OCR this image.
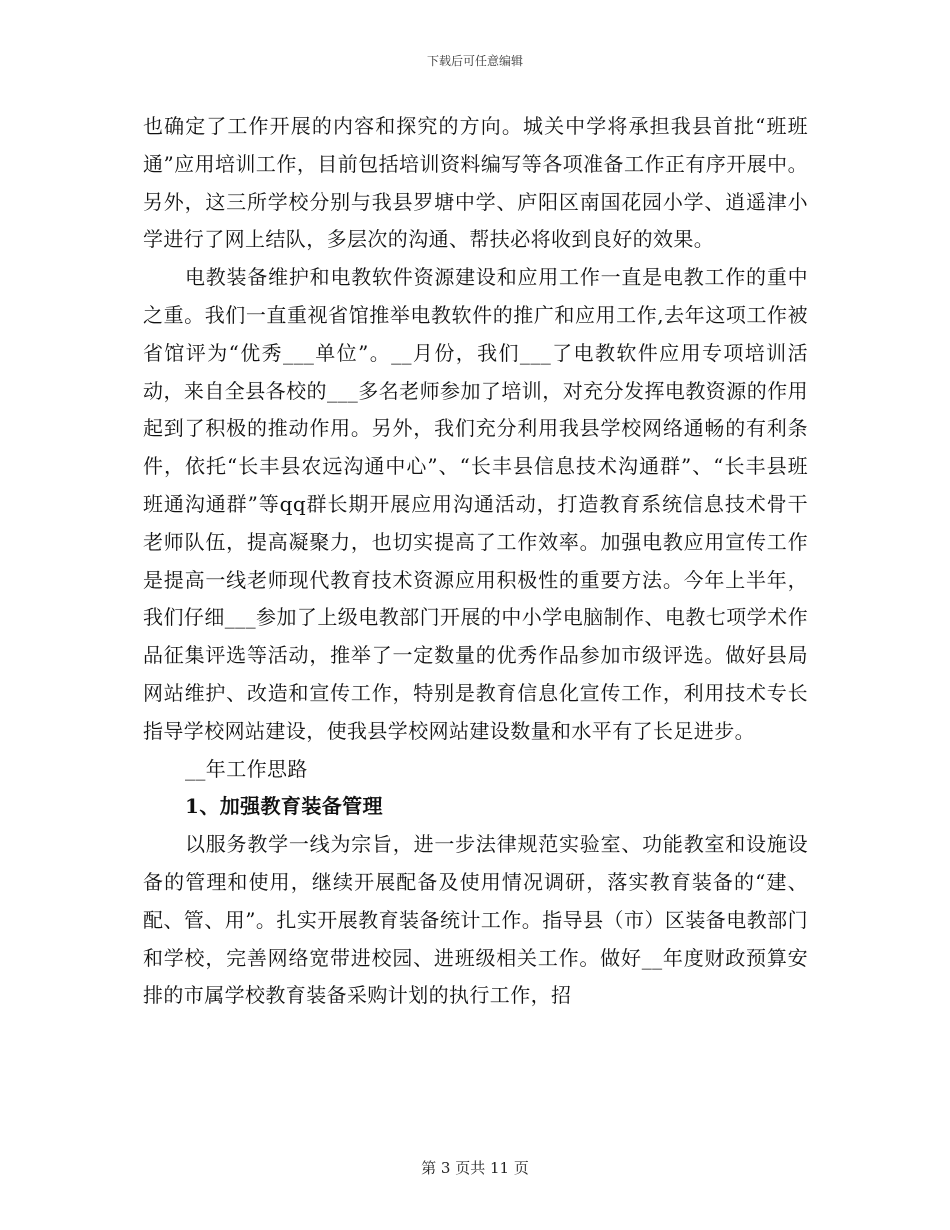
下载后可任意编辑

也确定了工作开展的内容和探究的方向。城关中学将承担我县首批“班班通”应用培训工作，目前包括培训资料编写等各项准备工作正有序开展中。另外，这三所学校分别与我县罗塘中学、庐阳区南国花园小学、逍遥津小学进行了网上结队，多层次的沟通、帮扶必将收到良好的效果。

电教装备维护和电教软件资源建设和应用工作一直是电教工作的重中之重。我们一直重视省馆推举电教软件的推广和应用工作,去年这项工作被省馆评为“优秀___单位”。__月份，我们___了电教软件应用专项培训活动，来自全县各校的___多名老师参加了培训，对充分发挥电教资源的作用起到了积极的推动作用。另外，我们充分利用我县学校网络通畅的有利条件，依托“长丰县农远沟通中心”、“长丰县信息技术沟通群”、“长丰县班班通沟通群”等qq群长期开展应用沟通活动，打造教育系统信息技术骨干老师队伍，提高凝聚力，也切实提高了工作效率。加强电教应用宣传工作是提高一线老师现代教育技术资源应用积极性的重要方法。今年上半年，我们仔细___参加了上级电教部门开展的中小学电脑制作、电教七项学术作品征集评选等活动，推举了一定数量的优秀作品参加市级评选。做好县局网站维护、改造和宣传工作，特别是教育信息化宣传工作，利用技术专长指导学校网站建设，使我县学校网站建设数量和水平有了长足进步。

__年工作思路

1、加强教育装备管理

以服务教学一线为宗旨，进一步法律规范实验室、功能教室和设施设备的管理和使用，继续开展配备及使用情况调研，落实教育装备的“建、配、管、用”。扎实开展教育装备统计工作。指导县（市）区装备电教部门和学校，完善网络宽带进校园、进班级相关工作。做好__年度财政预算安排的市属学校教育装备采购计划的执行工作，招

第 3 页共 11 页
